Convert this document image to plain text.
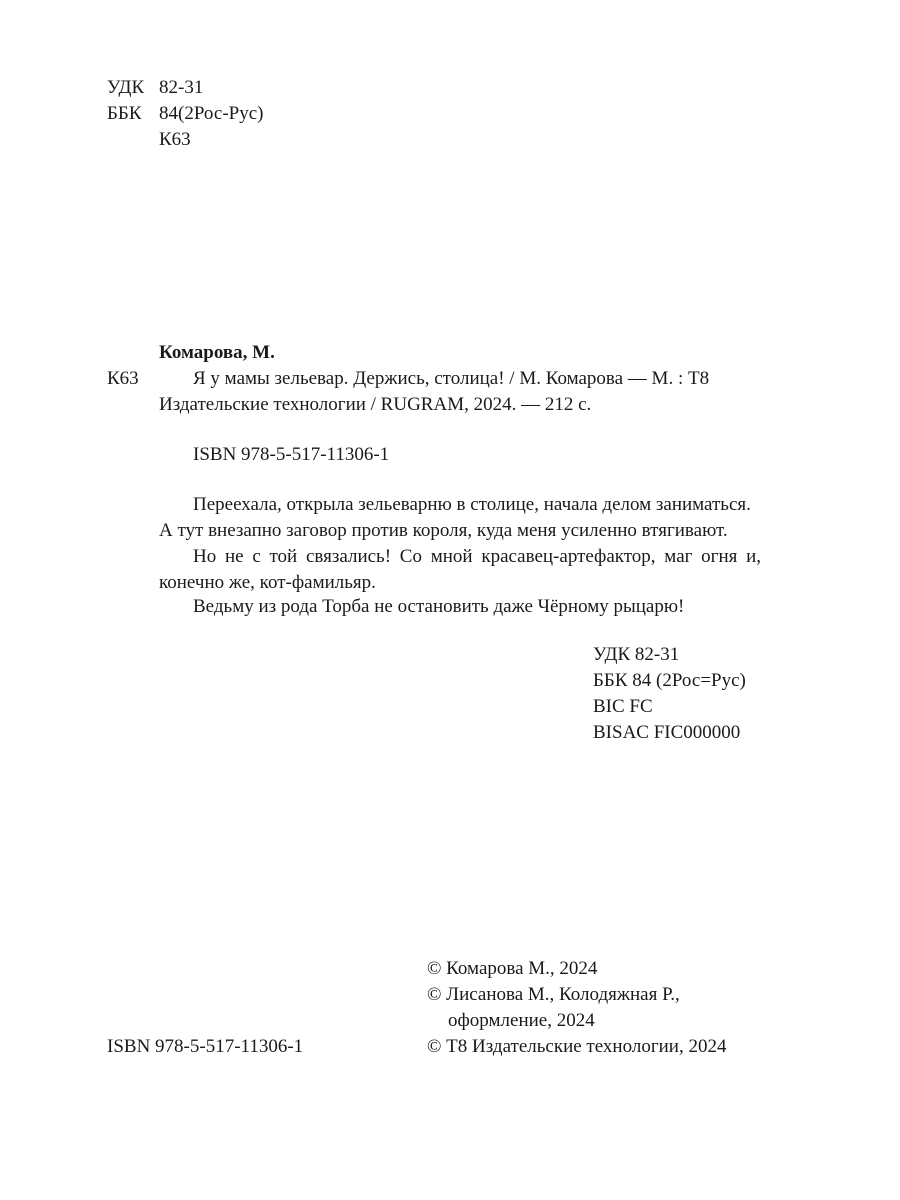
УДК 82-31
ББК 84(2Рос-Рус)
К63
Комарова, М.
К63	Я у мамы зельевар. Держись, столица! / М. Комарова — М. : Т8
Издательские технологии / RUGRAM, 2024. — 212 с.
ISBN 978-5-517-11306-1
Переехала, открыла зельеварню в столице, начала делом заниматься.
А тут внезапно заговор против короля, куда меня усиленно втягивают.
Но не с той связались! Со мной красавец-артефактор, маг огня и,
конечно же, кот-фамильяр.
Ведьму из рода Торба не остановить даже Чёрному рыцарю!
УДК 82-31
ББК 84 (2Рос=Рус)
BIC FC
BISAC FIC000000
© Комарова М., 2024
© Лисанова М., Колодяжная Р.,
оформление, 2024
ISBN 978-5-517-11306-1	© Т8 Издательские технологии, 2024
